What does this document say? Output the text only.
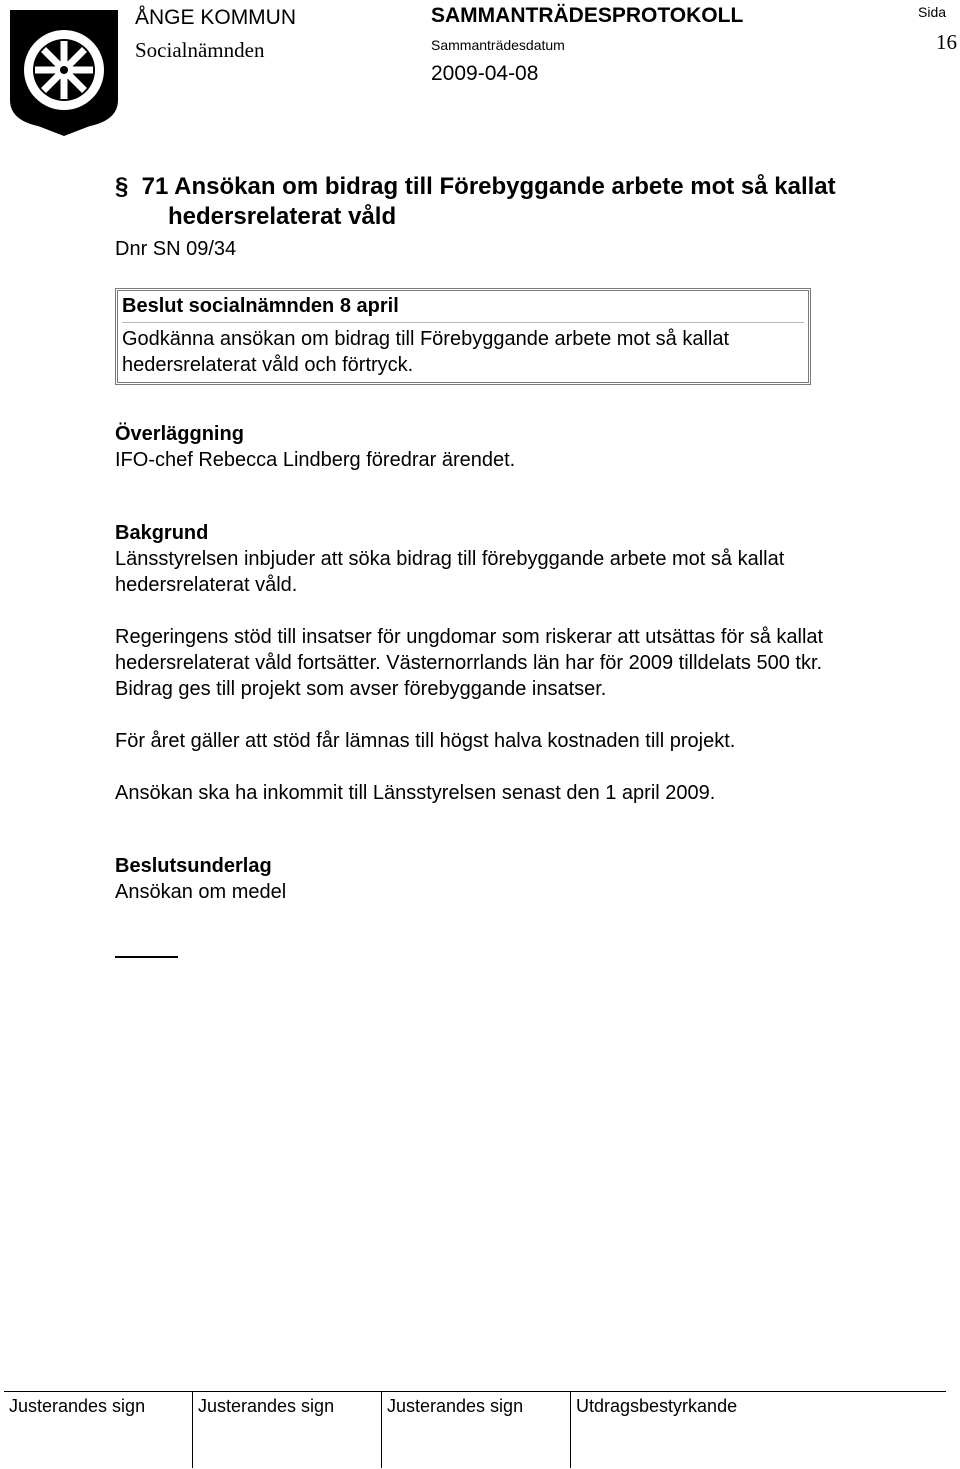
ÅNGE KOMMUN
Socialnämnden
SAMMANTRÄDESPROTOKOLL
Sammanträdesdatum
2009-04-08
Sida
16
§ 71 Ansökan om bidrag till Förebyggande arbete mot så kallat
hedersrelaterat våld
Dnr SN 09/34
Beslut socialnämnden 8 april
Godkänna ansökan om bidrag till Förebyggande arbete mot så kallat
hedersrelaterat våld och förtryck.
Överläggning

IFO-chef Rebecca Lindberg föredrar ärendet.

Bakgrund

Länsstyrelsen inbjuder att söka bidrag till förebyggande arbete mot så kallat
hedersrelaterat våld.

Regeringens stöd till insatser för ungdomar som riskerar att utsättas för så kallat
hedersrelaterat våld fortsätter. Västernorrlands län har för 2009 tilldelats 500 tkr.
Bidrag ges till projekt som avser förebyggande insatser.

För året gäller att stöd får lämnas till högst halva kostnaden till projekt.

Ansökan ska ha inkommit till Länsstyrelsen senast den 1 april 2009.

Beslutsunderlag

Ansökan om medel

Justerandes sign	Justerandes sign	Justerandes sign	Utdragsbestyrkande
